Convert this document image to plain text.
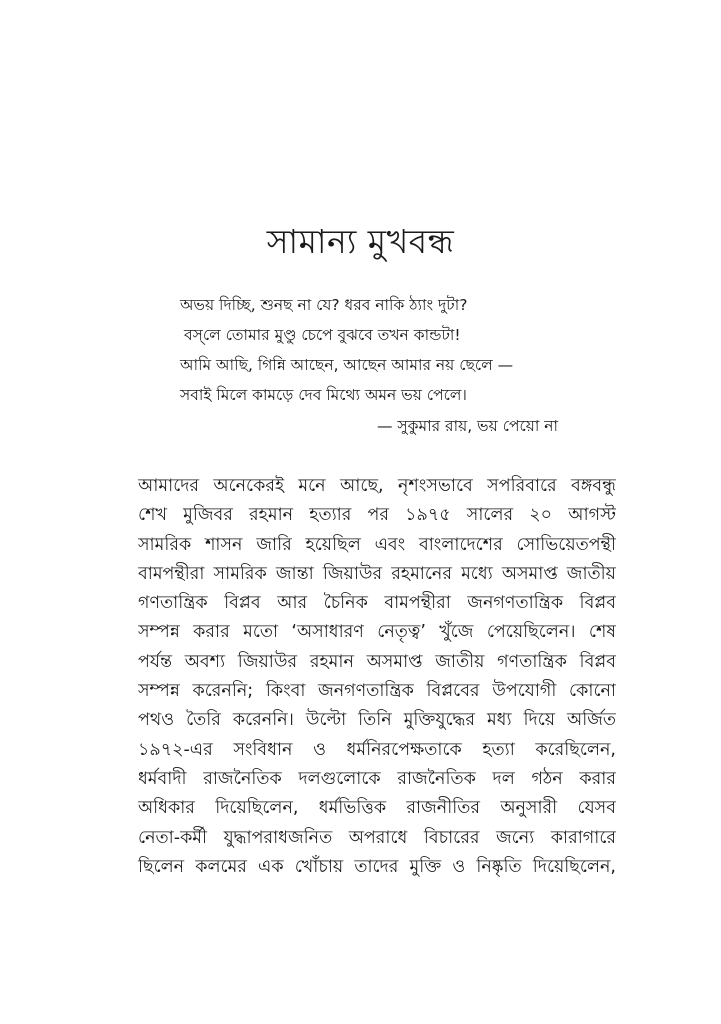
সামান্য মুখবন্ধ
অভয় দিচ্ছি, শুনছ না যে? ধরব নাকি ঠ্যাং দুটা?
বস্‌লে তোমার মুণ্ডু চেপে বুঝবে তখন কান্ডটা!
আমি আছি, গিন্নি আছেন, আছেন আমার নয় ছেলে —
সবাই মিলে কামড়ে দেব মিথ্যে অমন ভয় পেলে।
— সুকুমার রায়, ভয় পেয়ো না
আমাদের অনেকেরই মনে আছে, নৃশংসভাবে সপরিবারে বঙ্গবন্ধু
শেখ মুজিবর রহমান হত্যার পর ১৯৭৫ সালের ২০ আগস্ট
সামরিক শাসন জারি হয়েছিল এবং বাংলাদেশের সোভিয়েতপন্থী
বামপন্থীরা সামরিক জান্তা জিয়াউর রহমানের মধ্যে অসমাপ্ত জাতীয়
গণতান্ত্রিক বিপ্লব আর চৈনিক বামপন্থীরা জনগণতান্ত্রিক বিপ্লব
সম্পন্ন করার মতো ‘অসাধারণ নেতৃত্ব’ খুঁজে পেয়েছিলেন। শেষ
পর্যন্ত অবশ্য জিয়াউর রহমান অসমাপ্ত জাতীয় গণতান্ত্রিক বিপ্লব
সম্পন্ন করেননি; কিংবা জনগণতান্ত্রিক বিপ্লবের উপযোগী কোনো
পথও তৈরি করেননি। উল্টো তিনি মুক্তিযুদ্ধের মধ্য দিয়ে অর্জিত
১৯৭২-এর সংবিধান ও ধর্মনিরপেক্ষতাকে হত্যা করেছিলেন,
ধর্মবাদী রাজনৈতিক দলগুলোকে রাজনৈতিক দল গঠন করার
অধিকার দিয়েছিলেন, ধর্মভিত্তিক রাজনীতির অনুসারী যেসব
নেতা-কর্মী যুদ্ধাপরাধজনিত অপরাধে বিচারের জন্যে কারাগারে
ছিলেন কলমের এক খোঁচায় তাদের মুক্তি ও নিষ্কৃতি দিয়েছিলেন,
